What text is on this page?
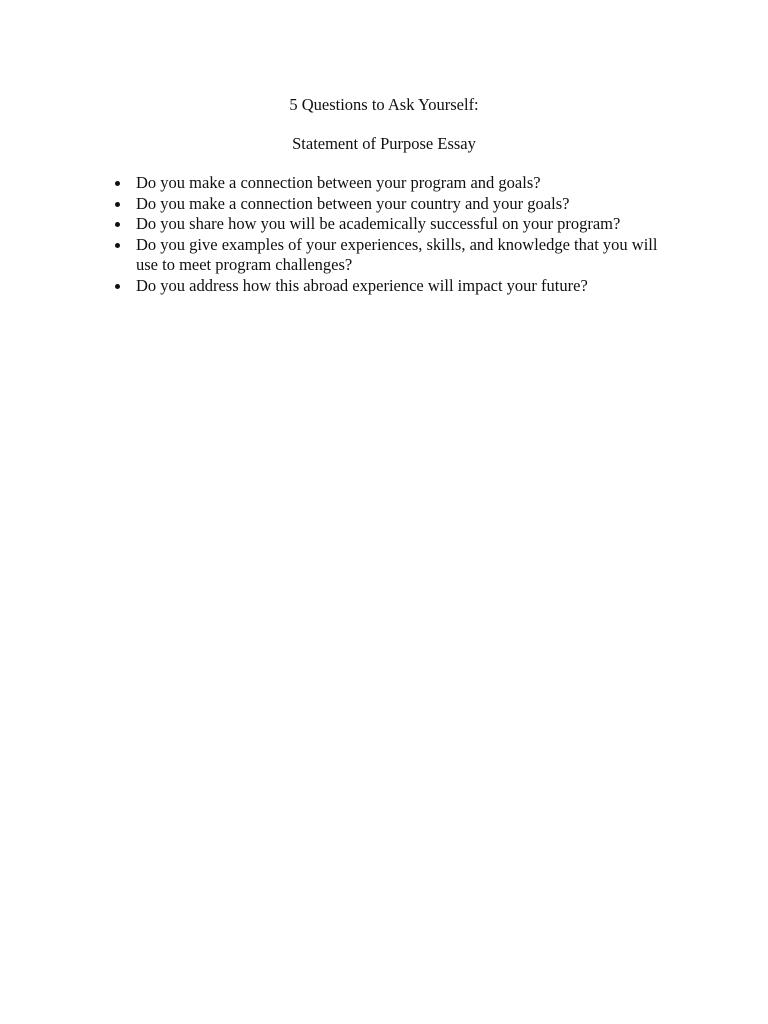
5 Questions to Ask Yourself:
Statement of Purpose Essay
Do you make a connection between your program and goals?
Do you make a connection between your country and your goals?
Do you share how you will be academically successful on your program?
Do you give examples of your experiences, skills, and knowledge that you will use to meet program challenges?
Do you address how this abroad experience will impact your future?
